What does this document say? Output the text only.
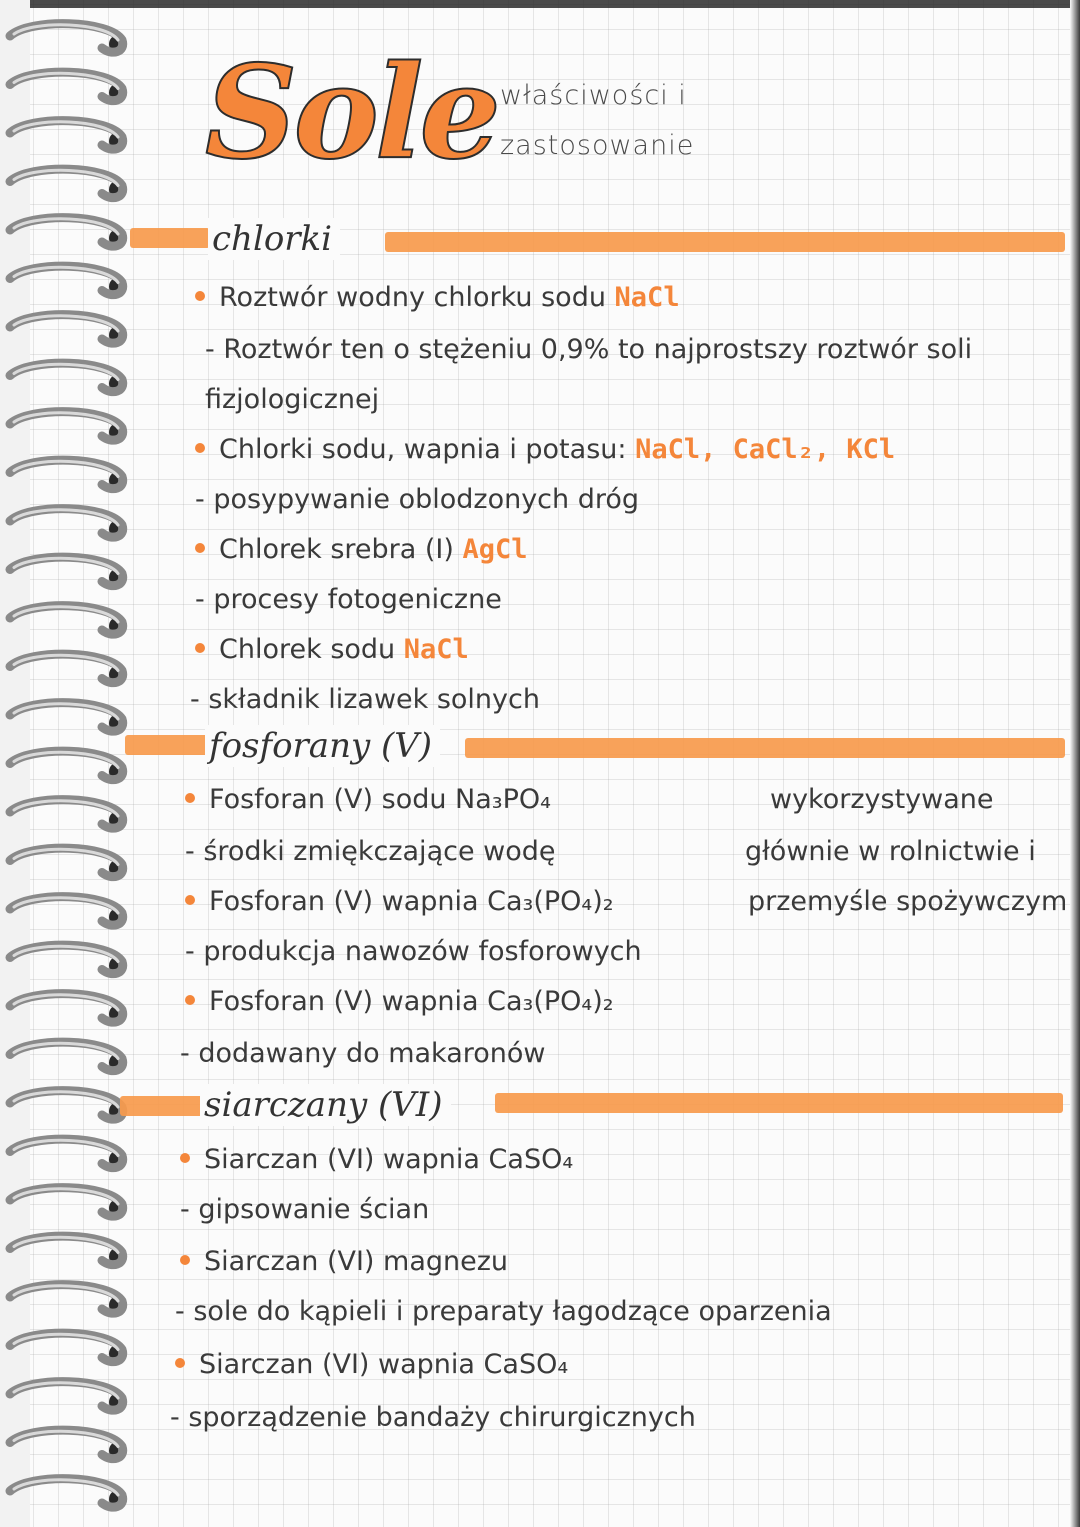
Sole właściwości i
zastosowanie
chlorki
Roztwór wodny chlorku sodu NaCl
- Roztwór ten o stężeniu 0,9% to najprostszy roztwór soli
fizjologicznej
Chlorki sodu, wapnia i potasu: NaCl, CaCl₂, KCl
- posypywanie oblodzonych dróg
Chlorek srebra (I) AgCl
- procesy fotogeniczne
Chlorek sodu NaCl
- składnik lizawek solnych
fosforany (V)
Fosforan (V) sodu Na₃PO₄
- środki zmiękczające wodę
Fosforan (V) wapnia Ca₃(PO₄)₂
- produkcja nawozów fosforowych
Fosforan (V) wapnia Ca₃(PO₄)₂
- dodawany do makaronów
wykorzystywane
głównie w rolnictwie i
przemyśle spożywczym
siarczany (VI)
Siarczan (VI) wapnia CaSO₄
- gipsowanie ścian
Siarczan (VI) magnezu
- sole do kąpieli i preparaty łagodzące oparzenia
Siarczan (VI) wapnia CaSO₄
- sporządzenie bandaży chirurgicznych
